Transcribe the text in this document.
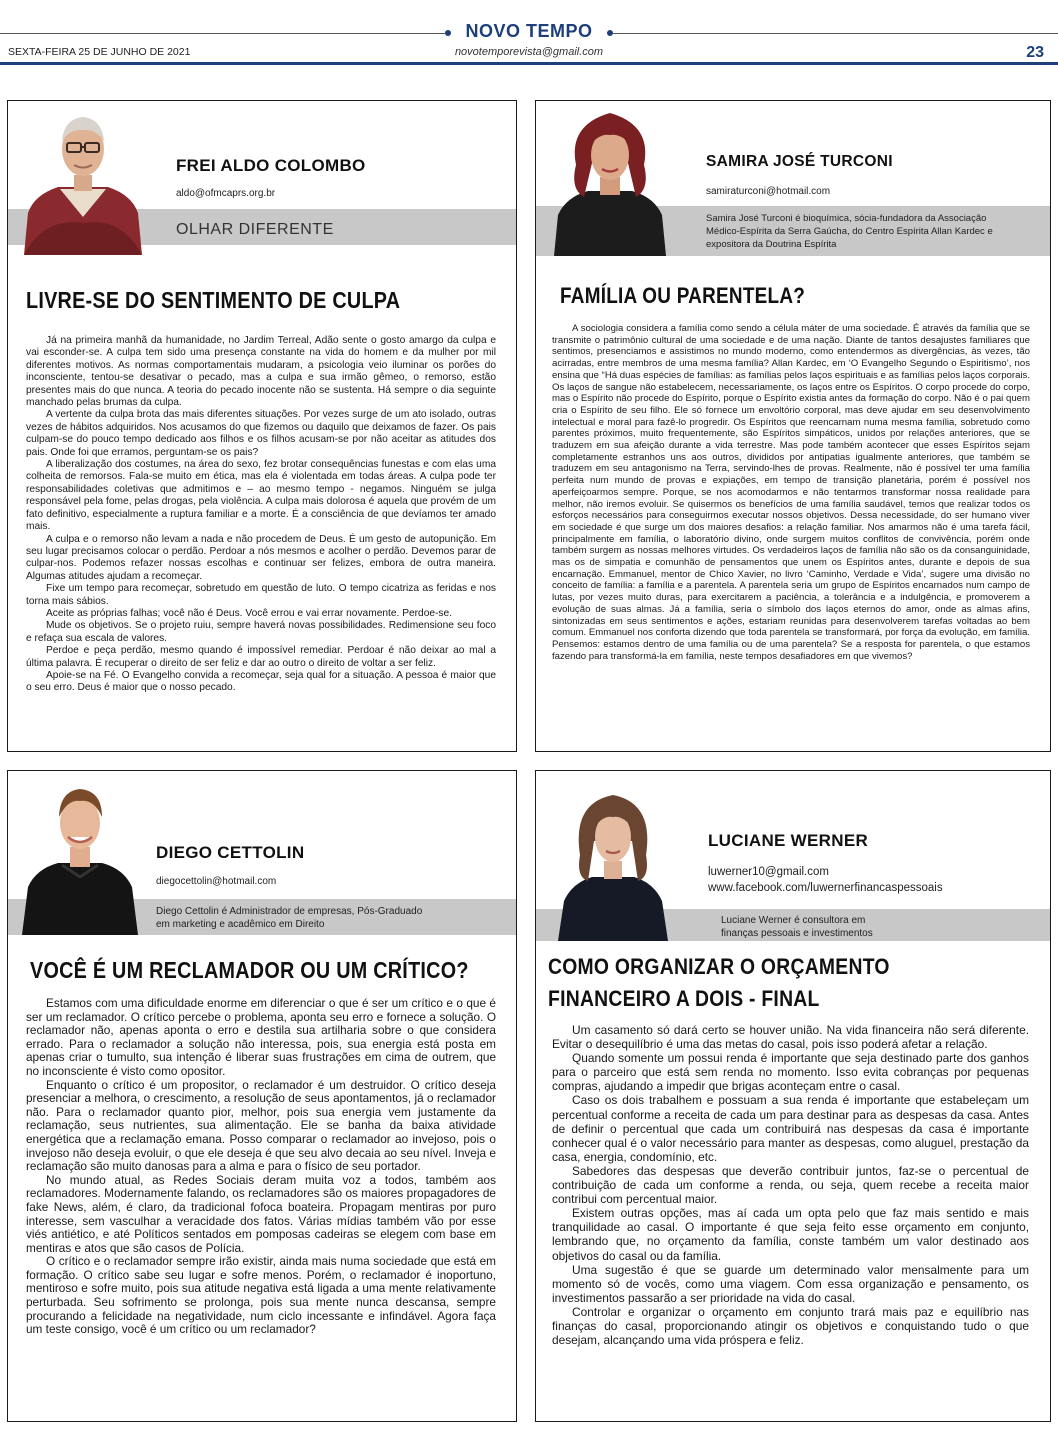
NOVO TEMPO
SEXTA-FEIRA 25 DE JUNHO DE 2021	novotemporevista@gmail.com	23
FREI ALDO COLOMBO
aldo@ofmcaprs.org.br
OLHAR DIFERENTE
LIVRE-SE DO SENTIMENTO DE CULPA

Já na primeira manhã da humanidade, no Jardim Terreal, Adão sente o gosto amargo da culpa e vai esconder-se. A culpa tem sido uma presença constante na vida do homem e da mulher por mil diferentes motivos. As normas comportamentais mudaram, a psicologia veio iluminar os porões do inconsciente, tentou-se desativar o pecado, mas a culpa e sua irmão gêmeo, o remorso, estão presentes mais do que nunca. A teoria do pecado inocente não se sustenta. Há sempre o dia seguinte manchado pelas brumas da culpa.

A vertente da culpa brota das mais diferentes situações. Por vezes surge de um ato isolado, outras vezes de hábitos adquiridos. Nos acusamos do que fizemos ou daquilo que deixamos de fazer. Os pais culpam-se do pouco tempo dedicado aos filhos e os filhos acusam-se por não aceitar as atitudes dos pais. Onde foi que erramos, perguntam-se os pais?

A liberalização dos costumes, na área do sexo, fez brotar consequências funestas e com elas uma colheita de remorsos. Fala-se muito em ética, mas ela é violentada em todas áreas. A culpa pode ter responsabilidades coletivas que admitimos e – ao mesmo tempo - negamos. Ninguém se julga responsável pela fome, pelas drogas, pela violência. A culpa mais dolorosa é aquela que provém de um fato definitivo, especialmente a ruptura familiar e a morte. É a consciência de que devíamos ter amado mais.

A culpa e o remorso não levam a nada e não procedem de Deus. É um gesto de autopunição. Em seu lugar precisamos colocar o perdão. Perdoar a nós mesmos e acolher o perdão. Devemos parar de culpar-nos. Podemos refazer nossas escolhas e continuar ser felizes, embora de outra maneira. Algumas atitudes ajudam a recomeçar.

Fixe um tempo para recomeçar, sobretudo em questão de luto. O tempo cicatriza as feridas e nos torna mais sábios.

Aceite as próprias falhas; você não é Deus. Você errou e vai errar novamente. Perdoe-se.

Mude os objetivos. Se o projeto ruiu, sempre haverá novas possibilidades. Redimensione seu foco e refaça sua escala de valores.

Perdoe e peça perdão, mesmo quando é impossível remediar. Perdoar é não deixar ao mal a última palavra. É recuperar o direito de ser feliz e dar ao outro o direito de voltar a ser feliz.

Apoie-se na Fé. O Evangelho convida a recomeçar, seja qual for a situação. A pessoa é maior que o seu erro. Deus é maior que o nosso pecado.

SAMIRA JOSÉ TURCONI
samiraturconi@hotmail.com
Samira José Turconi é bioquímica, sócia-fundadora da Associação Médico-Espírita da Serra Gaúcha, do Centro Espírita Allan Kardec e expositora da Doutrina Espírita
FAMÍLIA OU PARENTELA?

A sociologia considera a família como sendo a célula máter de uma sociedade. É através da família que se transmite o patrimônio cultural de uma sociedade e de uma nação. Diante de tantos desajustes familiares que sentimos, presenciamos e assistimos no mundo moderno, como entendermos as divergências, às vezes, tão acirradas, entre membros de uma mesma família? Allan Kardec, em ‘O Evangelho Segundo o Espiritismo’, nos ensina que “Há duas espécies de famílias: as famílias pelos laços espirituais e as famílias pelos laços corporais. Os laços de sangue não estabelecem, necessariamente, os laços entre os Espíritos. O corpo procede do corpo, mas o Espírito não procede do Espírito, porque o Espírito existia antes da formação do corpo. Não é o pai quem cria o Espírito de seu filho. Ele só fornece um envoltório corporal, mas deve ajudar em seu desenvolvimento intelectual e moral para fazê-lo progredir. Os Espíritos que reencarnam numa mesma família, sobretudo como parentes próximos, muito frequentemente, são Espíritos simpáticos, unidos por relações anteriores, que se traduzem em sua afeição durante a vida terrestre. Mas pode também acontecer que esses Espíritos sejam completamente estranhos uns aos outros, divididos por antipatias igualmente anteriores, que também se traduzem em seu antagonismo na Terra, servindo-lhes de provas. Realmente, não é possível ter uma família perfeita num mundo de provas e expiações, em tempo de transição planetária, porém é possível nos aperfeiçoarmos sempre. Porque, se nos acomodarmos e não tentarmos transformar nossa realidade para melhor, não iremos evoluir. Se quisermos os benefícios de uma família saudável, temos que realizar todos os esforços necessários para conseguirmos executar nossos objetivos. Dessa necessidade, do ser humano viver em sociedade é que surge um dos maiores desafios: a relação familiar. Nos amarmos não é uma tarefa fácil, principalmente em família, o laboratório divino, onde surgem muitos conflitos de convivência, porém onde também surgem as nossas melhores virtudes. Os verdadeiros laços de família não são os da consanguinidade, mas os de simpatia e comunhão de pensamentos que unem os Espíritos antes, durante e depois de sua encarnação. Emmanuel, mentor de Chico Xavier, no livro ‘Caminho, Verdade e Vida’, sugere uma divisão no conceito de família: a família e a parentela. A parentela seria um grupo de Espíritos encarnados num campo de lutas, por vezes muito duras, para exercitarem a paciência, a tolerância e a indulgência, e promoverem a evolução de suas almas. Já a família, seria o símbolo dos laços eternos do amor, onde as almas afins, sintonizadas em seus sentimentos e ações, estariam reunidas para desenvolverem tarefas voltadas ao bem comum. Emmanuel nos conforta dizendo que toda parentela se transformará, por força da evolução, em família. Pensemos: estamos dentro de uma família ou de uma parentela? Se a resposta for parentela, o que estamos fazendo para transformá-la em família, neste tempos desafiadores em que vivemos?

DIEGO CETTOLIN
diegocettolin@hotmail.com
Diego Cettolin é Administrador de empresas, Pós-Graduado em marketing e acadêmico em Direito
VOCÊ É UM RECLAMADOR OU UM CRÍTICO?

Estamos com uma dificuldade enorme em diferenciar o que é ser um crítico e o que é ser um reclamador. O crítico percebe o problema, aponta seu erro e fornece a solução. O reclamador não, apenas aponta o erro e destila sua artilharia sobre o que considera errado. Para o reclamador a solução não interessa, pois, sua energia está posta em apenas criar o tumulto, sua intenção é liberar suas frustrações em cima de outrem, que no inconsciente é visto como opositor.

Enquanto o crítico é um propositor, o reclamador é um destruidor. O crítico deseja presenciar a melhora, o crescimento, a resolução de seus apontamentos, já o reclamador não. Para o reclamador quanto pior, melhor, pois sua energia vem justamente da reclamação, seus nutrientes, sua alimentação. Ele se banha da baixa atividade energética que a reclamação emana. Posso comparar o reclamador ao invejoso, pois o invejoso não deseja evoluir, o que ele deseja é que seu alvo decaia ao seu nível. Inveja e reclamação são muito danosas para a alma e para o físico de seu portador.

No mundo atual, as Redes Sociais deram muita voz a todos, também aos reclamadores. Modernamente falando, os reclamadores são os maiores propagadores de fake News, além, é claro, da tradicional fofoca boateira. Propagam mentiras por puro interesse, sem vasculhar a veracidade dos fatos. Várias mídias também vão por esse viés antiético, e até Políticos sentados em pomposas cadeiras se elegem com base em mentiras e atos que são casos de Polícia.

O crítico e o reclamador sempre irão existir, ainda mais numa sociedade que está em formação. O crítico sabe seu lugar e sofre menos. Porém, o reclamador é inoportuno, mentiroso e sofre muito, pois sua atitude negativa está ligada a uma mente relativamente perturbada. Seu sofrimento se prolonga, pois sua mente nunca descansa, sempre procurando a felicidade na negatividade, num ciclo incessante e infindável. Agora faça um teste consigo, você é um crítico ou um reclamador?

LUCIANE WERNER
luwerner10@gmail.com
www.facebook.com/luwernerfinancaspessoais
Luciane Werner é consultora em finanças pessoais e investimentos
COMO ORGANIZAR O ORÇAMENTO
FINANCEIRO A DOIS - FINAL

Um casamento só dará certo se houver união. Na vida financeira não será diferente. Evitar o desequilíbrio é uma das metas do casal, pois isso poderá afetar a relação.

Quando somente um possui renda é importante que seja destinado parte dos ganhos para o parceiro que está sem renda no momento. Isso evita cobranças por pequenas compras, ajudando a impedir que brigas aconteçam entre o casal.

Caso os dois trabalhem e possuam a sua renda é importante que estabeleçam um percentual conforme a receita de cada um para destinar para as despesas da casa. Antes de definir o percentual que cada um contribuirá nas despesas da casa é importante conhecer qual é o valor necessário para manter as despesas, como aluguel, prestação da casa, energia, condomínio, etc.

Sabedores das despesas que deverão contribuir juntos, faz-se o percentual de contribuição de cada um conforme a renda, ou seja, quem recebe a receita maior contribui com percentual maior.

Existem outras opções, mas aí cada um opta pelo que faz mais sentido e mais tranquilidade ao casal. O importante é que seja feito esse orçamento em conjunto, lembrando que, no orçamento da família, conste também um valor destinado aos objetivos do casal ou da família.

Uma sugestão é que se guarde um determinado valor mensalmente para um momento só de vocês, como uma viagem. Com essa organização e pensamento, os investimentos passarão a ser prioridade na vida do casal.

Controlar e organizar o orçamento em conjunto trará mais paz e equilíbrio nas finanças do casal, proporcionando atingir os objetivos e conquistando tudo o que desejam, alcançando uma vida próspera e feliz.
